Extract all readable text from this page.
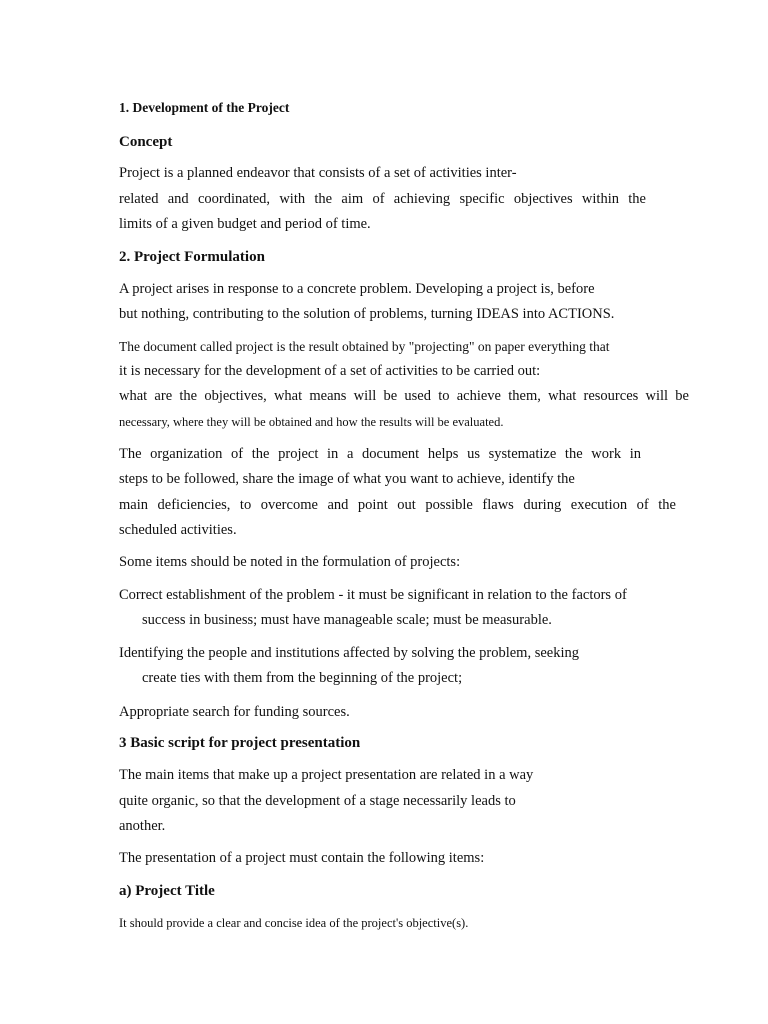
1. Development of the Project
Concept
Project is a planned endeavor that consists of a set of activities inter-
related and coordinated, with the aim of achieving specific objectives within the
limits of a given budget and period of time.
2. Project Formulation
A project arises in response to a concrete problem. Developing a project is, before
but nothing, contributing to the solution of problems, turning IDEAS into ACTIONS.
The document called project is the result obtained by "projecting" on paper everything that
it is necessary for the development of a set of activities to be carried out:
what are the objectives, what means will be used to achieve them, what resources will be
necessary, where they will be obtained and how the results will be evaluated.
The organization of the project in a document helps us systematize the work in
steps to be followed, share the image of what you want to achieve, identify the
main deficiencies, to overcome and point out possible flaws during execution of the
scheduled activities.
Some items should be noted in the formulation of projects:
Correct establishment of the problem - it must be significant in relation to the factors of
success in business; must have manageable scale; must be measurable.
Identifying the people and institutions affected by solving the problem, seeking
create ties with them from the beginning of the project;
Appropriate search for funding sources.
3 Basic script for project presentation
The main items that make up a project presentation are related in a way
quite organic, so that the development of a stage necessarily leads to
another.
The presentation of a project must contain the following items:
a) Project Title
It should provide a clear and concise idea of the project's objective(s).
